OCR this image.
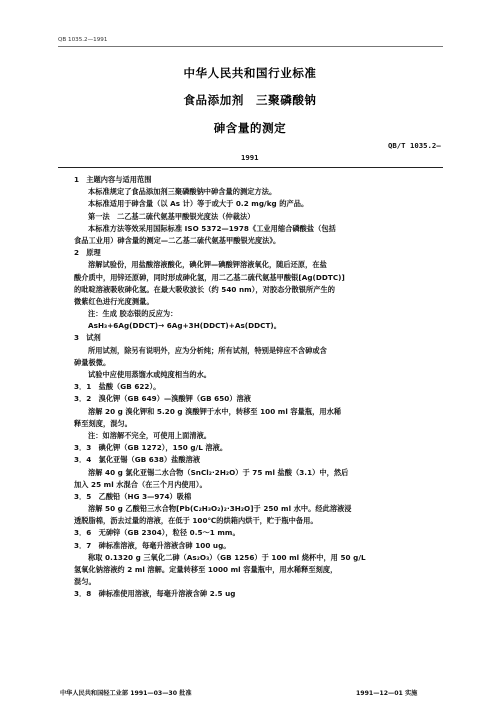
QB 1035.2—1991
中华人民共和国行业标准
食品添加剂　三聚磷酸钠
砷含量的测定
QB/T 1035.2—
1991
1　主题内容与适用范围
本标准规定了食品添加剂三聚磷酸钠中砷含量的测定方法。
本标准适用于砷含量（以 As 计）等于或大于 0.2 mg/kg 的产品。
第一法　二乙基二硫代氨基甲酸银光度法（仲裁法）
本标准方法等效采用国际标准 ISO 5372—1978《工业用缩合磷酸盐（包括
食品工业用）砷含量的测定—二乙基二硫代氨基甲酸银光度法》。
2　原理
溶解试验份，用盐酸溶液酸化，碘化钾—碘酸钾溶液氧化，随后还原，在盐
酸介质中，用锌还原砷，同时形成砷化氢，用二乙基二硫代氨基甲酸银[Ag(DDTC)]
的吡啶溶液吸收砷化氢。在最大吸收波长（约 540 nm），对胶态分散银所产生的
微紫红色进行光度测量。
注：生成 胶态银的反应为：
AsH₃+6Ag(DDCT)→ 6Ag+3H(DDCT)+As(DDCT)。
3　试剂
所用试剂，除另有说明外，应为分析纯；所有试剂，特别是锌应不含砷或含
砷量极微。
试验中应使用蒸馏水或纯度相当的水。
3．1　盐酸（GB 622）。
3．2　溴化钾（GB 649）—溴酸钾（GB 650）溶液
溶解 20 g 溴化钾和 5.20 g 溴酸钾于水中，转移至 100 ml 容量瓶，用水稀
释至刻度，混匀。
注：如溶解不完全，可使用上面清液。
3．3　碘化钾（GB 1272），150 g/L 溶液。
3．4　氯化亚锡（GB 638）盐酸溶液
溶解 40 g 氯化亚锡二水合物（SnCl₂·2H₂O）于 75 ml 盐酸（3.1）中，然后
加入 25 ml 水混合（在三个月内使用）。
3．5　乙酸铅（HG 3—974）吸棉
溶解 50 g 乙酸铅三水合物[Pb(C₂H₃O₂)₂·3H₂O]于 250 ml 水中。经此溶液浸
透脱脂棉，沥去过量的溶液，在低于 100℃的烘箱内烘干，贮于瓶中备用。
3．6　无砷锌（GB 2304），粒径 0.5～1 mm。
3．7　砷标准溶液，每毫升溶液含砷 100 ug。
称取 0.1320 g 三氧化二砷（As₂O₃）（GB 1256）于 100 ml 烧杯中，用 50 g/L
氢氧化钠溶液约 2 ml 溶解。定量转移至 1000 ml 容量瓶中，用水稀释至刻度，
混匀。
3．8　砷标准使用溶液，每毫升溶液含砷 2.5 ug
中华人民共和国轻工业部 1991—03—30 批准	1991—12—01 实施
